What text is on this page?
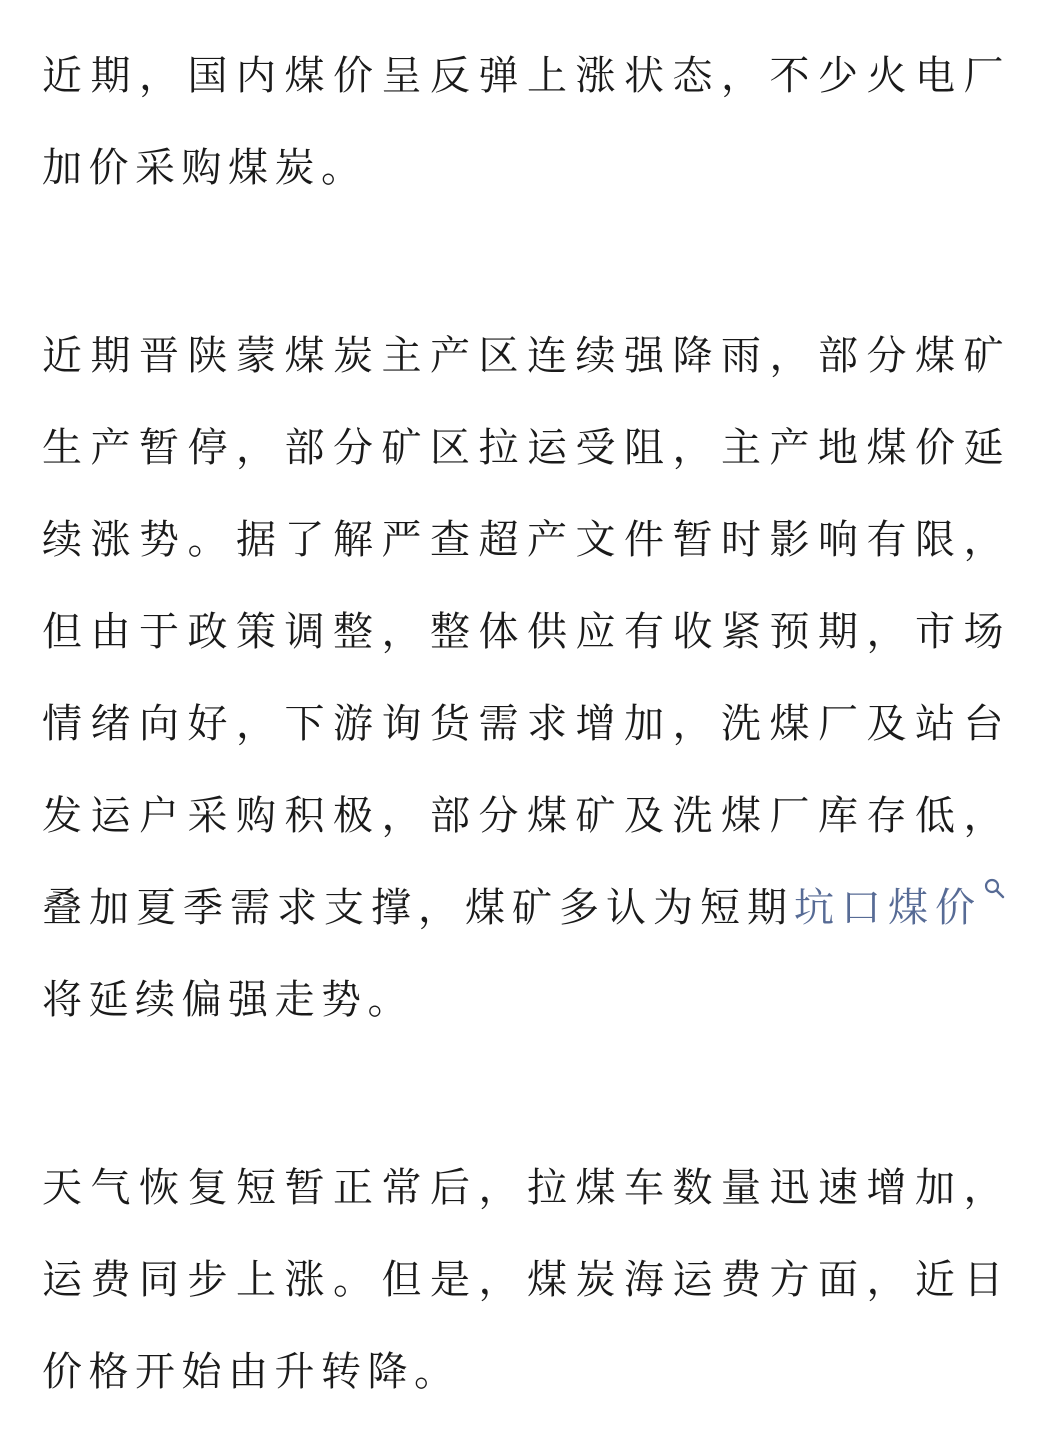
近期，国内煤价呈反弹上涨状态，不少火电厂加价采购煤炭。

近期晋陕蒙煤炭主产区连续强降雨，部分煤矿生产暂停，部分矿区拉运受阻，主产地煤价延续涨势。据了解严查超产文件暂时影响有限，但由于政策调整，整体供应有收紧预期，市场情绪向好，下游询货需求增加，洗煤厂及站台发运户采购积极，部分煤矿及洗煤厂库存低，叠加夏季需求支撑，煤矿多认为短期坑口煤价
将延续偏强走势。

天气恢复短暂正常后，拉煤车数量迅速增加，运费同步上涨。但是，煤炭海运费方面，近日价格开始由升转降。
